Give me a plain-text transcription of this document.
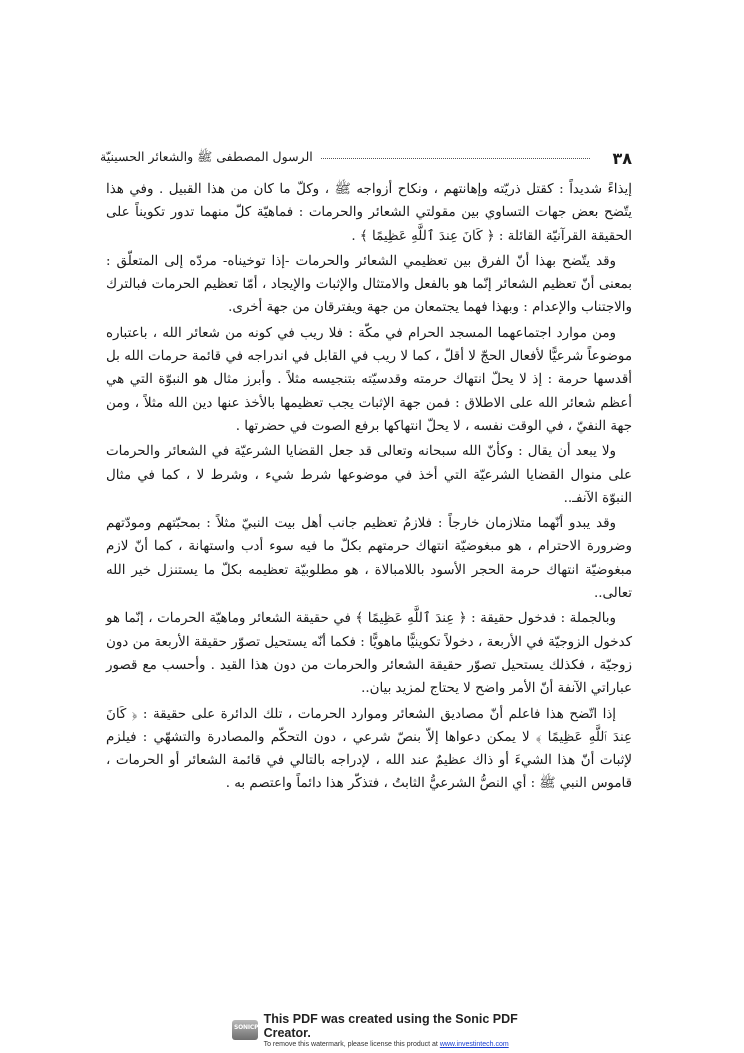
٣٨
الرسول المصطفى ﷺ والشعائر الحسينيّة

إيذاءً شديداً : كقتل ذريّته وإهانتهم ، ونكاح أزواجه ﷺ ، وكلّ ما كان من هذا القبيل . وفي هذا يتّضح بعض جهات التساوي بين مقولتي الشعائر والحرمات : فماهيّة كلّ منهما تدور تكويناً على الحقيقة القرآنيّة القائلة : ﴿ كَانَ عِندَ ٱللَّهِ عَظِيمًا ﴾ .

وقد يتّضح بهذا أنّ الفرق بين تعظيمي الشعائر والحرمات -إذا توخيناه- مردّه إلى المتعلّق : بمعنى أنّ تعظيم الشعائر إنّما هو بالفعل والامتثال والإثبات والإيجاد ، أمّا تعظيم الحرمات فبالترك والاجتناب والإعدام : وبهذا فهما يجتمعان من جهة ويفترقان من جهة أخرى.

ومن موارد اجتماعهما المسجد الحرام في مكّة : فلا ريب في كونه من شعائر الله ، باعتباره موضوعاً شرعيًّا لأفعال الحجّ لا أقلّ ، كما لا ريب في القابل في اندراجه في قائمة حرمات الله بل أقدسها حرمة : إذ لا يحلّ انتهاك حرمته وقدسيّته بتنجيسه مثلاً . وأبرز مثال هو النبوّة التي هي أعظم شعائر الله على الاطلاق : فمن جهة الإثبات يجب تعظيمها بالأخذ عنها دين الله مثلاً ، ومن جهة النفيّ ، في الوقت نفسه ، لا يحلّ انتهاكها برفع الصوت في حضرتها .

ولا يبعد أن يقال : وكأنّ الله سبحانه وتعالى قد جعل القضايا الشرعيّة في الشعائر والحرمات على منوال القضايا الشرعيّة التي أخذ في موضوعها شرط شيء ، وشرط لا ، كما في مثال النبوّة الآنفـ..

وقد يبدو أنّهما متلازمان خارجاً : فلازمُ تعظيم جانب أهل بيت النبيّ مثلاً : بمحبّتهم ومودّتهم وضرورة الاحترام ، هو مبغوضيّة انتهاك حرمتهم بكلّ ما فيه سوء أدب واستهانة ، كما أنّ لازم مبغوضيّة انتهاك حرمة الحجر الأسود باللامبالاة ، هو مطلوبيّة تعظيمه بكلّ ما يستنزل خير الله تعالى..

وبالجملة : فدخول حقيقة : ﴿ عِندَ ٱللَّهِ عَظِيمًا ﴾ في حقيقة الشعائر وماهيّة الحرمات ، إنّما هو كدخول الزوجيّة في الأربعة ، دخولاً تكوينيًّا ماهويًّا : فكما أنّه يستحيل تصوّر حقيقة الأربعة من دون زوجيّة ، فكذلك يستحيل تصوّر حقيقة الشعائر والحرمات من دون هذا القيد . وأحسب مع قصور عباراتي الآنفة أنّ الأمر واضح لا يحتاج لمزيد بيان..

إذا اتّضح هذا فاعلم أنّ مصاديق الشعائر وموارد الحرمات ، تلك الدائرة على حقيقة : ﴿ كَانَ عِندَ ٱللَّهِ عَظِيمًا ﴾ لا يمكن دعواها إلاّ بنصّ شرعي ، دون التحكّم والمصادرة والتشهّي : فيلزم لإثبات أنّ هذا الشيءَ أو ذاك عظيمٌ عند الله ، لإدراجه بالتالي في قائمة الشعائر أو الحرمات ، قاموس النبي ﷺ : أي النصُّ الشرعيُّ الثابتُ ، فتذكّر هذا دائماً واعتصم به .

SONICPDF
This PDF was created using the Sonic PDF Creator.
To remove this watermark, please license this product at www.investintech.com
